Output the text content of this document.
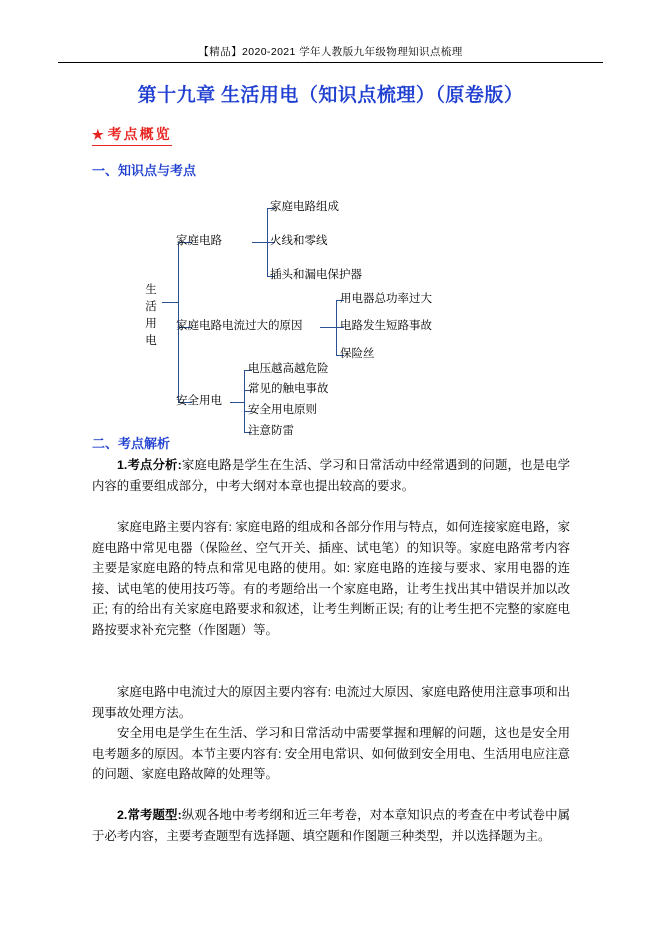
【精品】2020-2021 学年人教版九年级物理知识点梳理
第十九章 生活用电（知识点梳理）（原卷版）
★ 考点概览
一、知识点与考点
生
活
用
电
家庭电路
家庭电路组成
火线和零线
插头和漏电保护器
家庭电路电流过大的原因
用电器总功率过大
电路发生短路事故
保险丝
安全用电
电压越高越危险
常见的触电事故
安全用电原则
注意防雷
二、考点解析
1.考点分析:家庭电路是学生在生活、学习和日常活动中经常遇到的问题，也是电学内容的重要组成部分，中考大纲对本章也提出较高的要求。
家庭电路主要内容有: 家庭电路的组成和各部分作用与特点，如何连接家庭电路，家庭电路中常见电器（保险丝、空气开关、插座、试电笔）的知识等。家庭电路常考内容主要是家庭电路的特点和常见电路的使用。如: 家庭电路的连接与要求、家用电器的连接、试电笔的使用技巧等。有的考题给出一个家庭电路，让考生找出其中错误并加以改正; 有的给出有关家庭电路要求和叙述，让考生判断正误; 有的让考生把不完整的家庭电路按要求补充完整（作图题）等。
家庭电路中电流过大的原因主要内容有: 电流过大原因、家庭电路使用注意事项和出现事故处理方法。
安全用电是学生在生活、学习和日常活动中需要掌握和理解的问题，这也是安全用电考题多的原因。本节主要内容有: 安全用电常识、如何做到安全用电、生活用电应注意的问题、家庭电路故障的处理等。
2.常考题型:纵观各地中考考纲和近三年考卷，对本章知识点的考查在中考试卷中属于必考内容，主要考查题型有选择题、填空题和作图题三种类型，并以选择题为主。
